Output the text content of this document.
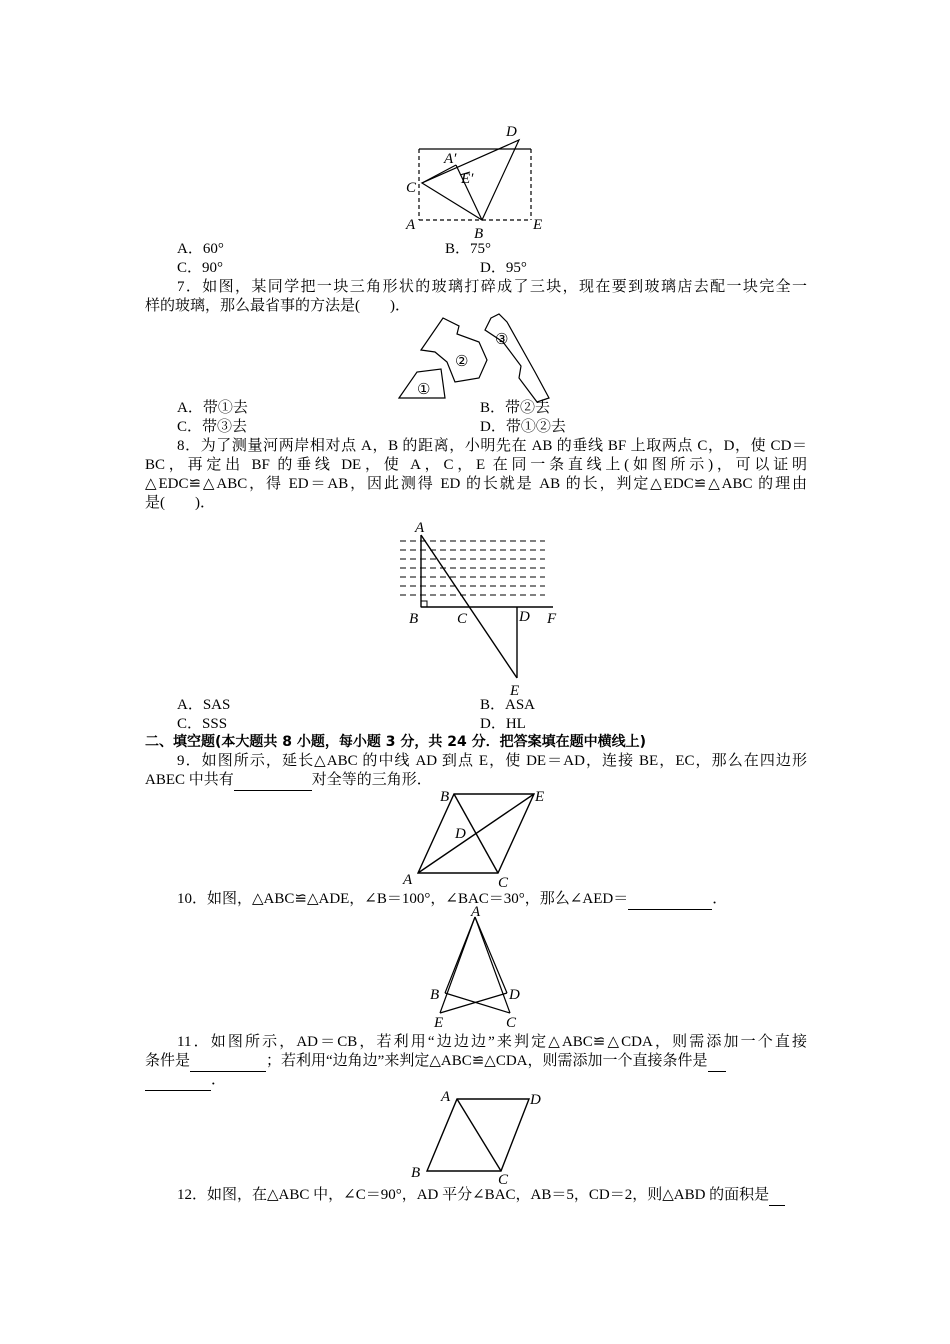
D
A′
E′
C
A
B
E
A．60°	B．75°
C．90°	D．95°
7．如图，某同学把一块三角形状的玻璃打碎成了三块，现在要到玻璃店去配一块完全一
样的玻璃，那么最省事的方法是(　　)．
①
②
③
A．带①去	B．带②去
C．带③去	D．带①②去
8．为了测量河两岸相对点 A，B 的距离，小明先在 AB 的垂线 BF 上取两点 C，D，使 CD＝
BC，再定出 BF 的垂线 DE，使 A，C，E 在同一条直线上(如图所示)，可以证明
△EDC≌△ABC，得 ED＝AB，因此测得 ED 的长就是 AB 的长，判定△EDC≌△ABC 的理由
是(　　)．
A
B	C	D F
E
A．SAS	B．ASA
C．SSS	D．HL
二、填空题(本大题共 8 小题，每小题 3 分，共 24 分．把答案填在题中横线上)
9．如图所示，延长△ABC 的中线 AD 到点 E，使 DE＝AD，连接 BE，EC，那么在四边形
ABEC 中共有	对全等的三角形．
B	E
D
A	C
10．如图，△ABC≌△ADE，∠B＝100°，∠BAC＝30°，那么∠AED＝	．
A
B	D
E	C
11．如图所示，AD＝CB，若利用“边边边”来判定△ABC≌△CDA，则需添加一个直接
条件是	；若利用“边角边”来判定△ABC≌△CDA，则需添加一个直接条件是
．
A	D
B	C
12．如图，在△ABC 中，∠C＝90°，AD 平分∠BAC，AB＝5，CD＝2，则△ABD 的面积是
